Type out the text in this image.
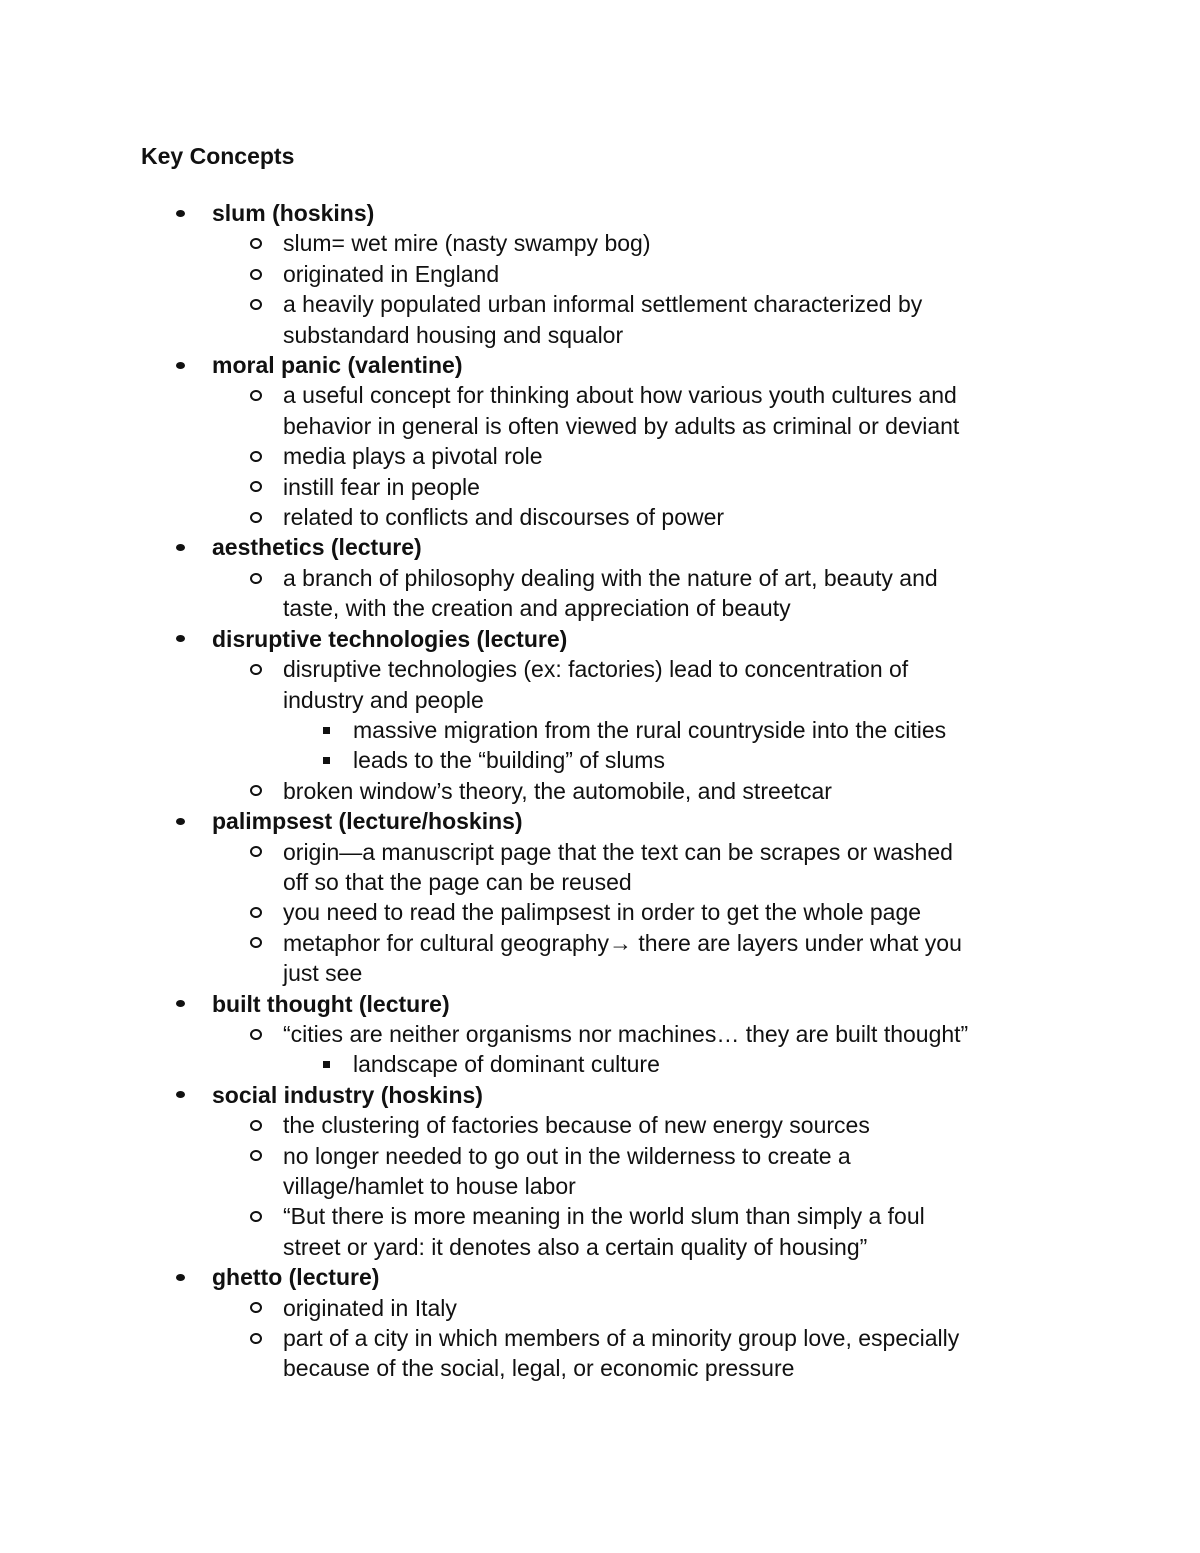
Key Concepts
slum (hoskins)
slum= wet mire (nasty swampy bog)
originated in England
a heavily populated urban informal settlement characterized by
substandard housing and squalor
moral panic (valentine)
a useful concept for thinking about how various youth cultures and
behavior in general is often viewed by adults as criminal or deviant
media plays a pivotal role
instill fear in people
related to conflicts and discourses of power
aesthetics (lecture)
a branch of philosophy dealing with the nature of art, beauty and
taste, with the creation and appreciation of beauty
disruptive technologies (lecture)
disruptive technologies (ex: factories) lead to concentration of
industry and people
massive migration from the rural countryside into the cities
leads to the “building” of slums
broken window’s theory, the automobile, and streetcar
palimpsest (lecture/hoskins)
origin—a manuscript page that the text can be scrapes or washed
off so that the page can be reused
you need to read the palimpsest in order to get the whole page
metaphor for cultural geography→ there are layers under what you
just see
built thought (lecture)
“cities are neither organisms nor machines… they are built thought”
landscape of dominant culture
social industry (hoskins)
the clustering of factories because of new energy sources
no longer needed to go out in the wilderness to create a
village/hamlet to house labor
“But there is more meaning in the world slum than simply a foul
street or yard: it denotes also a certain quality of housing”
ghetto (lecture)
originated in Italy
part of a city in which members of a minority group love, especially
because of the social, legal, or economic pressure
